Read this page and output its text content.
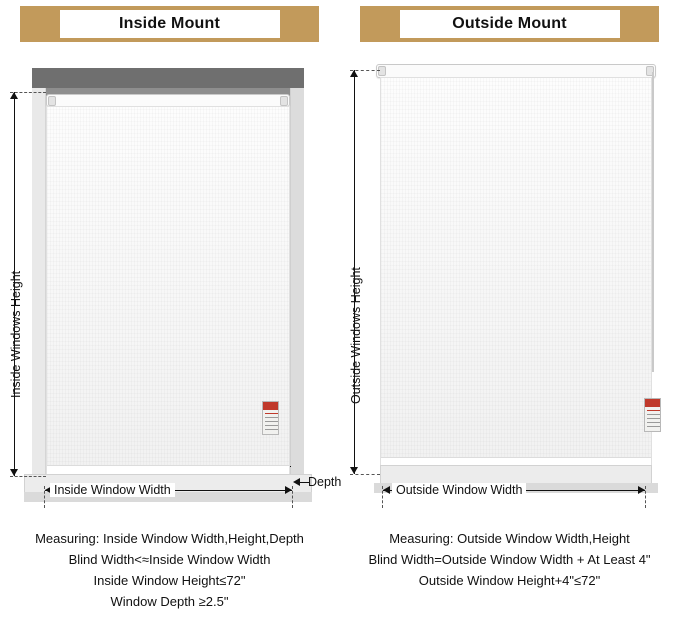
Inside Mount
Inside Windows Height
Depth
Inside Window Width
Measuring: Inside Window Width,Height,Depth
Blind Width<≈Inside Window Width
Inside Window Height≤72"
Window Depth ≥2.5"
Outside Mount
Outside Windows Height
Outside Window Width
Measuring: Outside Window Width,Height
Blind Width=Outside Window Width + At Least 4"
Outside Window Height+4"≤72"
